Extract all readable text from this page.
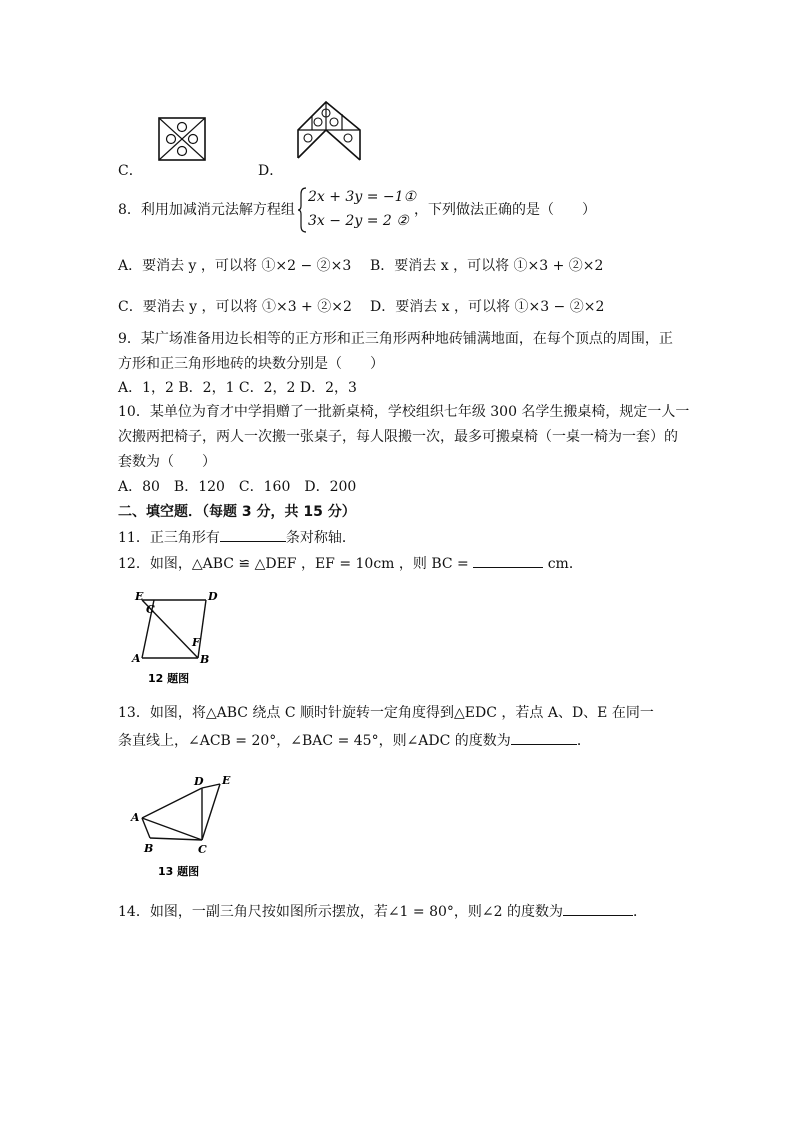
C．	D．
8．利用加减消元法解方程组
2x + 3y = −1①
3x − 2y = 2 ②
，下列做法正确的是（　　）
A．要消去 y ，可以将 ①×2 − ②×3 B．要消去 x ，可以将 ①×3 + ②×2
C．要消去 y ，可以将 ①×3 + ②×2 D．要消去 x ，可以将 ①×3 − ②×2
9．某广场准备用边长相等的正方形和正三角形两种地砖铺满地面，在每个顶点的周围，正
方形和正三角形地砖的块数分别是（　　）
A．1，2 B．2，1 C．2，2 D．2，3
10．某单位为育才中学捐赠了一批新桌椅，学校组织七年级 300 名学生搬桌椅，规定一人一
次搬两把椅子，两人一次搬一张桌子，每人限搬一次，最多可搬桌椅（一桌一椅为一套）的
套数为（　　）
A．80　B．120　C．160　D．200
二、填空题．（每题 3 分，共 15 分）
11．正三角形有	条对称轴．
12．如图，△ABC ≌ △DEF ，EF = 10cm ，则 BC =	cm．
E
C
D
F
A	B
12 题图
13．如图，将△ABC 绕点 C 顺时针旋转一定角度得到△EDC ，若点 A、D、E 在同一
条直线上，∠ACB = 20°，∠BAC = 45°，则∠ADC 的度数为	．
D E
A
B	C
13 题图
14．如图，一副三角尺按如图所示摆放，若∠1 = 80°，则∠2 的度数为	．
